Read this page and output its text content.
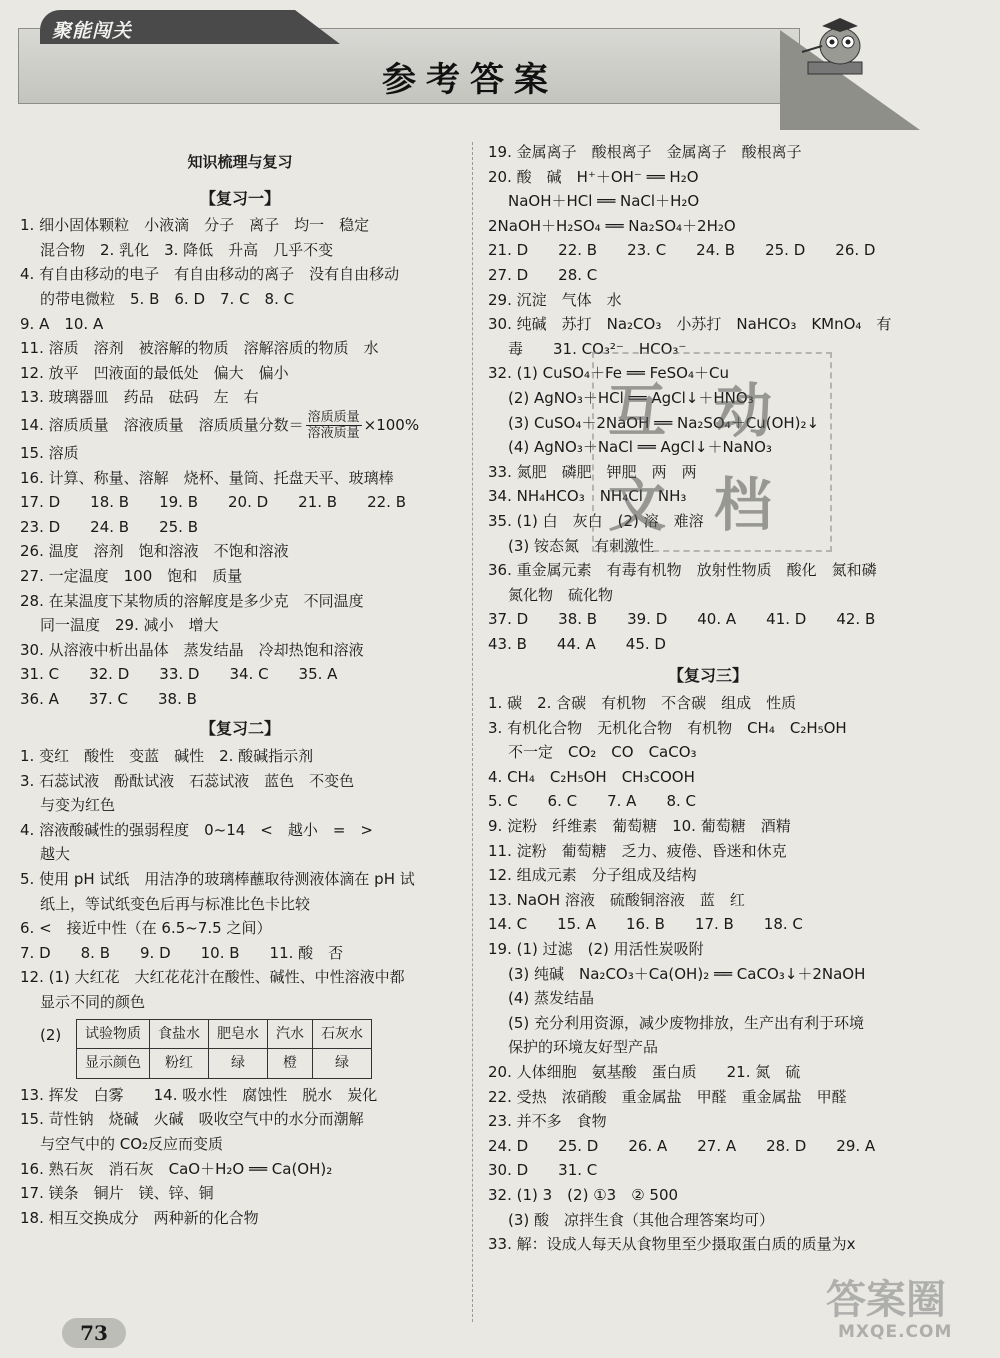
聚能闯关
参考答案
知识梳理与复习
【复习一】
1. 细小固体颗粒　小液滴　分子　离子　均一　稳定
混合物　2. 乳化　3. 降低　升高　几乎不变
4. 有自由移动的电子　有自由移动的离子　没有自由移动
的带电微粒　5. B　6. D　7. C　8. C
9. A　10. A
11. 溶质　溶剂　被溶解的物质　溶解溶质的物质　水
12. 放平　凹液面的最低处　偏大　偏小
13. 玻璃器皿　药品　砝码　左　右
14. 溶质质量　溶液质量　溶质质量分数＝ $\frac{\text{溶质质量}}{\text{溶液质量}} \times 100\%$
15. 溶质
16. 计算、称量、溶解　烧杯、量筒、托盘天平、玻璃棒
17. D　　18. B　　19. B　　20. D　　21. B　　22. B
23. D　　24. B　　25. B
26. 温度　溶剂　饱和溶液　不饱和溶液
27. 一定温度　100　饱和　质量
28. 在某温度下某物质的溶解度是多少克　不同温度
同一温度　29. 减小　增大
30. 从溶液中析出晶体　蒸发结晶　冷却热饱和溶液
31. C　　32. D　　33. D　　34. C　　35. A
36. A　　37. C　　38. B
【复习二】
1. 变红　酸性　变蓝　碱性　2. 酸碱指示剂
3. 石蕊试液　酚酞试液　石蕊试液　蓝色　不变色
与变为红色
4. 溶液酸碱性的强弱程度　0~14　<　越小　=　>
越大
5. 使用 pH 试纸　用洁净的玻璃棒蘸取待测液体滴在 pH 试
纸上，等试纸变色后再与标准比色卡比较
6. <　接近中性（在 6.5~7.5 之间）
7. D　　8. B　　9. D　　10. B　　11. 酸　否
12. (1) 大红花　大红花花汁在酸性、碱性、中性溶液中都
显示不同的颜色
(2)	试验物质	食盐水	肥皂水	汽水	石灰水
显示颜色	粉红	绿	橙	绿
13. 挥发　白雾　　14. 吸水性　腐蚀性　脱水　炭化
15. 苛性钠　烧碱　火碱　吸收空气中的水分而潮解
与空气中的 CO₂反应而变质
16. 熟石灰　消石灰　CaO＋H₂O ══ Ca(OH)₂
17. 镁条　铜片　镁、锌、铜
18. 相互交换成分　两种新的化合物
19. 金属离子　酸根离子　金属离子　酸根离子
20. 酸　碱　H⁺＋OH⁻ ══ H₂O
NaOH＋HCl ══ NaCl＋H₂O
2NaOH＋H₂SO₄ ══ Na₂SO₄＋2H₂O
21. D　　22. B　　23. C　　24. B　　25. D　　26. D
27. D　　28. C
29. 沉淀　气体　水
30. 纯碱　苏打　Na₂CO₃　小苏打　NaHCO₃　KMnO₄　有
毒　　31. CO₃²⁻　HCO₃⁻
32. (1) CuSO₄＋Fe ══ FeSO₄＋Cu
(2) AgNO₃＋HCl ══ AgCl↓＋HNO₃
(3) CuSO₄＋2NaOH ══ Na₂SO₄＋Cu(OH)₂↓
(4) AgNO₃＋NaCl ══ AgCl↓＋NaNO₃
33. 氮肥　磷肥　钾肥　两　两
34. NH₄HCO₃　NH₄Cl　NH₃
35. (1) 白　灰白　(2) 溶　难溶
(3) 铵态氮　有刺激性
36. 重金属元素　有毒有机物　放射性物质　酸化　氮和磷
氮化物　硫化物
37. D　　38. B　　39. D　　40. A　　41. D　　42. B
43. B　　44. A　　45. D
【复习三】
1. 碳　2. 含碳　有机物　不含碳　组成　性质
3. 有机化合物　无机化合物　有机物　CH₄　C₂H₅OH
不一定　CO₂　CO　CaCO₃
4. CH₄　C₂H₅OH　CH₃COOH
5. C　　6. C　　7. A　　8. C
9. 淀粉　纤维素　葡萄糖　10. 葡萄糖　酒精
11. 淀粉　葡萄糖　乏力、疲倦、昏迷和休克
12. 组成元素　分子组成及结构
13. NaOH 溶液　硫酸铜溶液　蓝　红
14. C　　15. A　　16. B　　17. B　　18. C
19. (1) 过滤　(2) 用活性炭吸附
(3) 纯碱　Na₂CO₃＋Ca(OH)₂ ══ CaCO₃↓＋2NaOH
(4) 蒸发结晶
(5) 充分利用资源，减少废物排放，生产出有利于环境
保护的环境友好型产品
20. 人体细胞　氨基酸　蛋白质　　21. 氮　硫
22. 受热　浓硝酸　重金属盐　甲醛　重金属盐　甲醛
23. 并不多　食物
24. D　　25. D　　26. A　　27. A　　28. D　　29. A
30. D　　31. C
32. (1) 3　(2) ①3　② 500
(3) 酸　凉拌生食（其他合理答案均可）
33. 解：设成人每天从食物里至少摄取蛋白质的质量为x
互 动
文 档
答案圈
MXQE.COM
73
